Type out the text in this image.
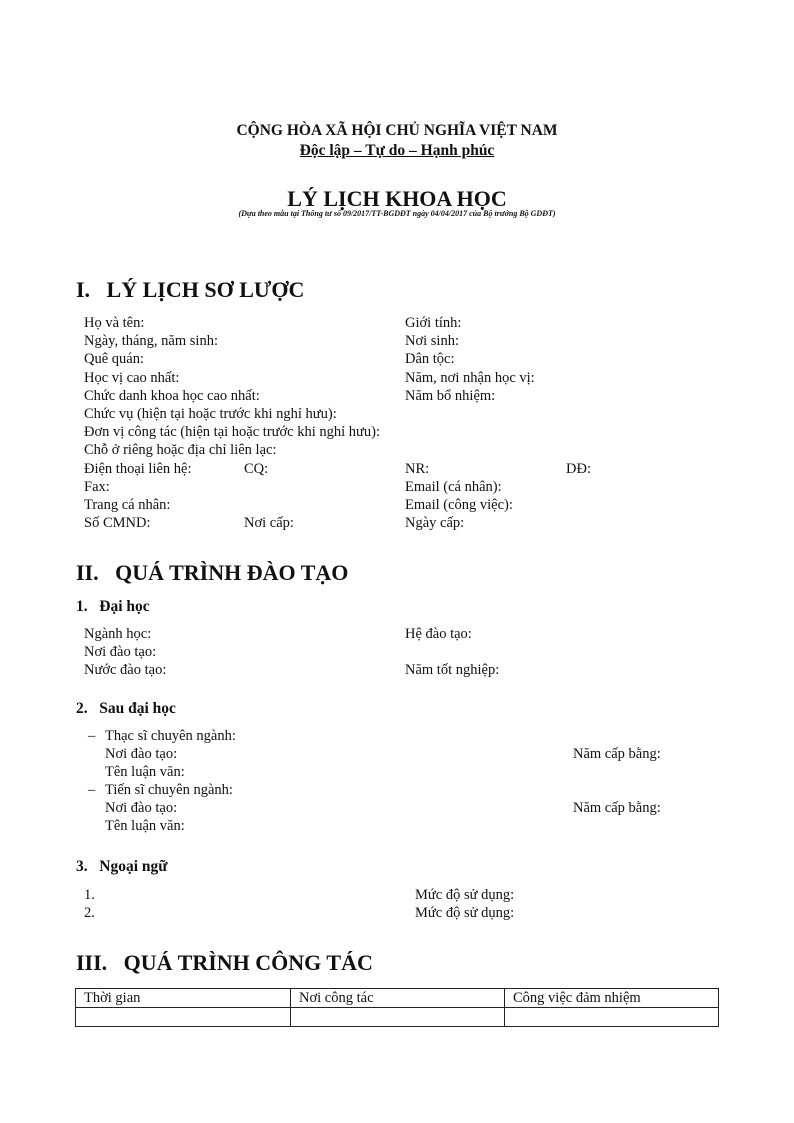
CỘNG HÒA XÃ HỘI CHỦ NGHĨA VIỆT NAM
Độc lập – Tự do – Hạnh phúc
LÝ LỊCH KHOA HỌC
(Dựa theo mẫu tại Thông tư số 09/2017/TT-BGDĐT ngày 04/04/2017 của Bộ trưởng Bộ GDĐT)
I.   LÝ LỊCH SƠ LƯỢC
Họ và tên:	Giới tính:
Ngày, tháng, năm sinh:	Nơi sinh:
Quê quán:	Dân tộc:
Học vị cao nhất:	Năm, nơi nhận học vị:
Chức danh khoa học cao nhất:	Năm bổ nhiệm:
Chức vụ (hiện tại hoặc trước khi nghỉ hưu):
Đơn vị công tác (hiện tại hoặc trước khi nghỉ hưu):
Chỗ ở riêng hoặc địa chỉ liên lạc:
Điện thoại liên hệ:	CQ:	NR:	DĐ:
Fax:	Email (cá nhân):
Trang cá nhân:	Email (công việc):
Số CMND:	Nơi cấp:	Ngày cấp:
II.   QUÁ TRÌNH ĐÀO TẠO
1.   Đại học
Ngành học:	Hệ đào tạo:
Nơi đào tạo:
Nước đào tạo:	Năm tốt nghiệp:
2.   Sau đại học
– Thạc sĩ chuyên ngành:
Nơi đào tạo:	Năm cấp bằng:
Tên luận văn:
– Tiến sĩ chuyên ngành:
Nơi đào tạo:	Năm cấp bằng:
Tên luận văn:
3.   Ngoại ngữ
1.	Mức độ sử dụng:
2.	Mức độ sử dụng:
III.   QUÁ TRÌNH CÔNG TÁC
Thời gian	Nơi công tác	Công việc đảm nhiệm
